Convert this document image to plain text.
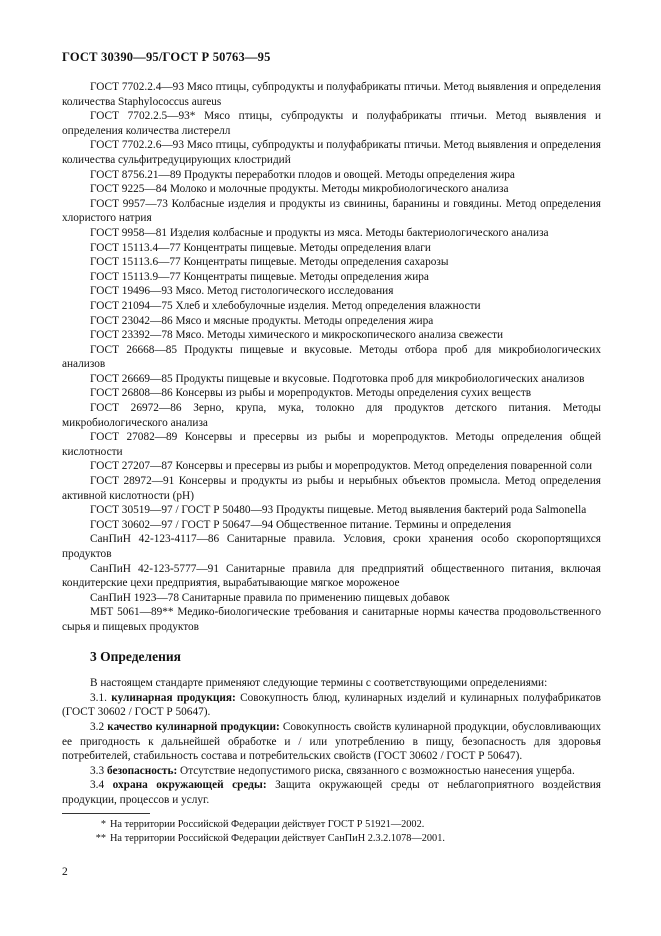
ГОСТ 30390—95/ГОСТ Р 50763—95

ГОСТ 7702.2.4—93 Мясо птицы, субпродукты и полуфабрикаты птичьи. Метод выявления и определения количества Staphylococcus aureus

ГОСТ 7702.2.5—93* Мясо птицы, субпродукты и полуфабрикаты птичьи. Метод выявления и определения количества листерелл

ГОСТ 7702.2.6—93 Мясо птицы, субпродукты и полуфабрикаты птичьи. Метод выявления и определения количества сульфитредуцирующих клостридий

ГОСТ 8756.21—89 Продукты переработки плодов и овощей. Методы определения жира

ГОСТ 9225—84 Молоко и молочные продукты. Методы микробиологического анализа

ГОСТ 9957—73 Колбасные изделия и продукты из свинины, баранины и говядины. Метод определения хлористого натрия

ГОСТ 9958—81 Изделия колбасные и продукты из мяса. Методы бактериологического анализа

ГОСТ 15113.4—77 Концентраты пищевые. Методы определения влаги

ГОСТ 15113.6—77 Концентраты пищевые. Методы определения сахарозы

ГОСТ 15113.9—77 Концентраты пищевые. Методы определения жира

ГОСТ 19496—93 Мясо. Метод гистологического исследования

ГОСТ 21094—75 Хлеб и хлебобулочные изделия. Метод определения влажности

ГОСТ 23042—86 Мясо и мясные продукты. Методы определения жира

ГОСТ 23392—78 Мясо. Методы химического и микроскопического анализа свежести

ГОСТ 26668—85 Продукты пищевые и вкусовые. Методы отбора проб для микробиологических анализов

ГОСТ 26669—85 Продукты пищевые и вкусовые. Подготовка проб для микробиологических анализов

ГОСТ 26808—86 Консервы из рыбы и морепродуктов. Методы определения сухих веществ

ГОСТ 26972—86 Зерно, крупа, мука, толокно для продуктов детского питания. Методы микробиологического анализа

ГОСТ 27082—89 Консервы и пресервы из рыбы и морепродуктов. Методы определения общей кислотности

ГОСТ 27207—87 Консервы и пресервы из рыбы и морепродуктов. Метод определения поваренной соли

ГОСТ 28972—91 Консервы и продукты из рыбы и нерыбных объектов промысла. Метод определения активной кислотности (pH)

ГОСТ 30519—97 / ГОСТ Р 50480—93 Продукты пищевые. Метод выявления бактерий рода Salmonella

ГОСТ 30602—97 / ГОСТ Р 50647—94 Общественное питание. Термины и определения

СанПиН 42-123-4117—86 Санитарные правила. Условия, сроки хранения особо скоропортящихся продуктов

СанПиН 42-123-5777—91 Санитарные правила для предприятий общественного питания, включая кондитерские цехи предприятия, вырабатывающие мягкое мороженое

СанПиН 1923—78 Санитарные правила по применению пищевых добавок

МБТ 5061—89** Медико-биологические требования и санитарные нормы качества продовольственного сырья и пищевых продуктов

3 Определения

В настоящем стандарте применяют следующие термины с соответствующими определениями:

3.1. кулинарная продукция: Совокупность блюд, кулинарных изделий и кулинарных полуфабрикатов (ГОСТ 30602 / ГОСТ Р 50647).

3.2 качество кулинарной продукции: Совокупность свойств кулинарной продукции, обусловливающих ее пригодность к дальнейшей обработке и / или употреблению в пищу, безопасность для здоровья потребителей, стабильность состава и потребительских свойств (ГОСТ 30602 / ГОСТ Р 50647).

3.3 безопасность: Отсутствие недопустимого риска, связанного с возможностью нанесения ущерба.

3.4 охрана окружающей среды: Защита окружающей среды от неблагоприятного воздействия продукции, процессов и услуг.

* На территории Российской Федерации действует ГОСТ Р 51921—2002.

** На территории Российской Федерации действует СанПиН 2.3.2.1078—2001.

2
